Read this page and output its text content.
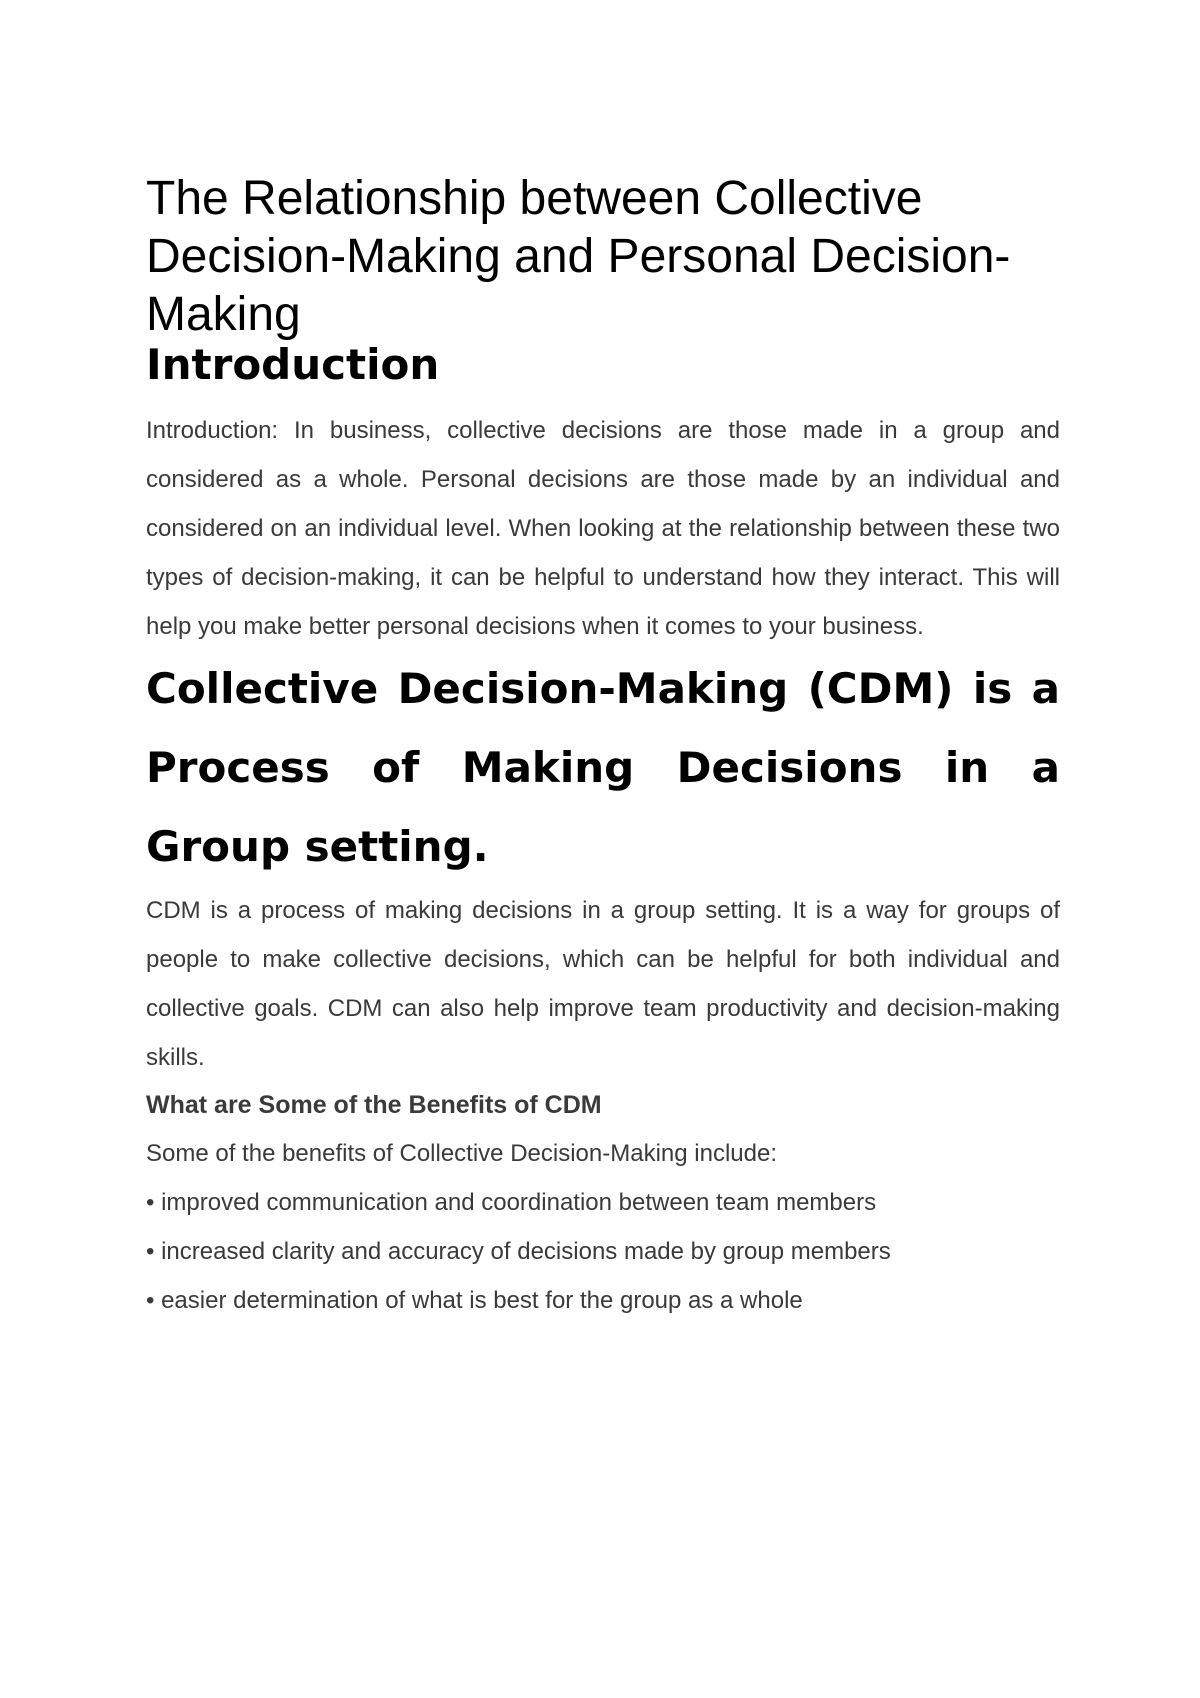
The Relationship between Collective Decision-Making and Personal Decision-Making
Introduction

Introduction: In business, collective decisions are those made in a group and considered as a whole. Personal decisions are those made by an individual and considered on an individual level. When looking at the relationship between these two types of decision-making, it can be helpful to understand how they interact. This will help you make better personal decisions when it comes to your business.

Collective Decision-Making (CDM) is a Process of Making Decisions in a Group setting.

CDM is a process of making decisions in a group setting. It is a way for groups of people to make collective decisions, which can be helpful for both individual and collective goals. CDM can also help improve team productivity and decision-making skills.

What are Some of the Benefits of CDM

Some of the benefits of Collective Decision-Making include:

• improved communication and coordination between team members
• increased clarity and accuracy of decisions made by group members
• easier determination of what is best for the group as a whole
